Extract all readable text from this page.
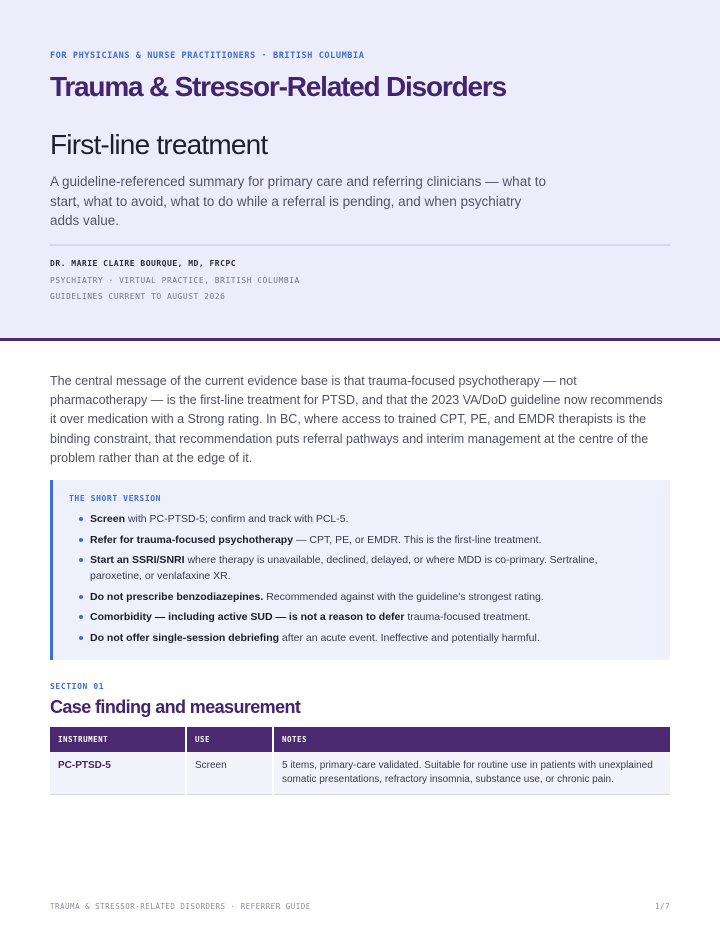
FOR PHYSICIANS & NURSE PRACTITIONERS · BRITISH COLUMBIA
Trauma & Stressor-Related Disorders
First-line treatment

A guideline-referenced summary for primary care and referring clinicians — what to start, what to avoid, what to do while a referral is pending, and when psychiatry adds value.

DR. MARIE CLAIRE BOURQUE, MD, FRCPC
PSYCHIATRY · VIRTUAL PRACTICE, BRITISH COLUMBIA
GUIDELINES CURRENT TO AUGUST 2026

The central message of the current evidence base is that trauma-focused psychotherapy — not pharmacotherapy — is the first-line treatment for PTSD, and that the 2023 VA/DoD guideline now recommends it over medication with a Strong rating. In BC, where access to trained CPT, PE, and EMDR therapists is the binding constraint, that recommendation puts referral pathways and interim management at the centre of the problem rather than at the edge of it.

THE SHORT VERSION
Screen with PC-PTSD-5; confirm and track with PCL-5.
Refer for trauma-focused psychotherapy — CPT, PE, or EMDR. This is the first-line treatment.
Start an SSRI/SNRI where therapy is unavailable, declined, delayed, or where MDD is co-primary. Sertraline, paroxetine, or venlafaxine XR.
Do not prescribe benzodiazepines. Recommended against with the guideline's strongest rating.
Comorbidity — including active SUD — is not a reason to defer trauma-focused treatment.
Do not offer single-session debriefing after an acute event. Ineffective and potentially harmful.
SECTION 01
Case finding and measurement
INSTRUMENT	USE	NOTES
PC-PTSD-5	Screen	5 items, primary-care validated. Suitable for routine use in patients with unexplained somatic presentations, refractory insomnia, substance use, or chronic pain.
TRAUMA & STRESSOR-RELATED DISORDERS · REFERRER GUIDE	1/7
